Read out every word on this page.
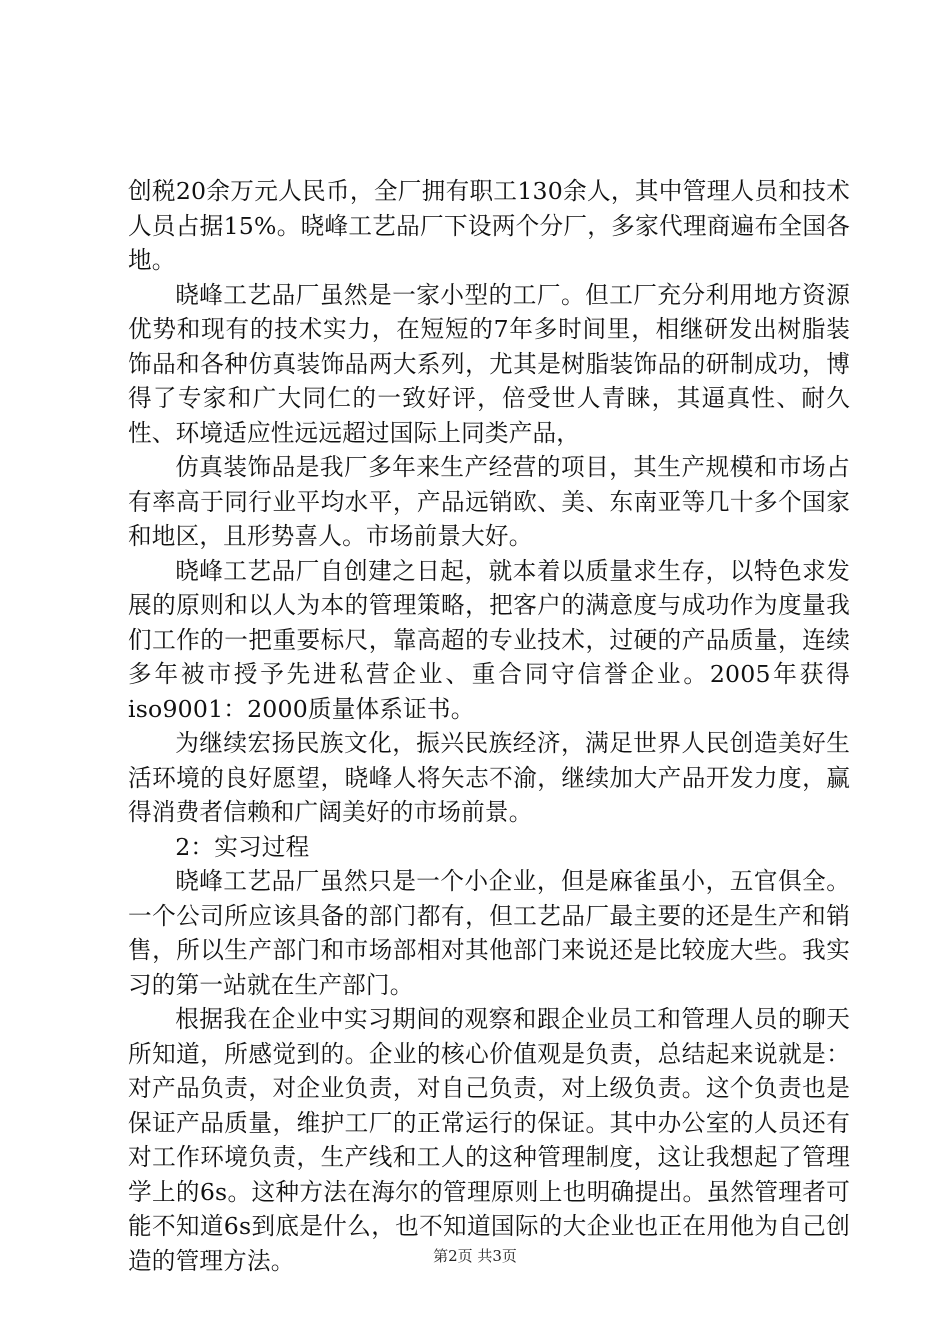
创税20余万元人民币，全厂拥有职工130余人，其中管理人员和技术人员占据15%。晓峰工艺品厂下设两个分厂，多家代理商遍布全国各地。

晓峰工艺品厂虽然是一家小型的工厂。但工厂充分利用地方资源优势和现有的技术实力，在短短的7年多时间里，相继研发出树脂装饰品和各种仿真装饰品两大系列，尤其是树脂装饰品的研制成功，博得了专家和广大同仁的一致好评，倍受世人青睐，其逼真性、耐久性、环境适应性远远超过国际上同类产品，

仿真装饰品是我厂多年来生产经营的项目，其生产规模和市场占有率高于同行业平均水平，产品远销欧、美、东南亚等几十多个国家和地区，且形势喜人。市场前景大好。

晓峰工艺品厂自创建之日起，就本着以质量求生存，以特色求发展的原则和以人为本的管理策略，把客户的满意度与成功作为度量我们工作的一把重要标尺，靠高超的专业技术，过硬的产品质量，连续多年被市授予先进私营企业、重合同守信誉企业。2005年获得iso9001：2000质量体系证书。

为继续宏扬民族文化，振兴民族经济，满足世界人民创造美好生活环境的良好愿望，晓峰人将矢志不渝，继续加大产品开发力度，赢得消费者信赖和广阔美好的市场前景。

2：实习过程

晓峰工艺品厂虽然只是一个小企业，但是麻雀虽小，五官俱全。一个公司所应该具备的部门都有，但工艺品厂最主要的还是生产和销售，所以生产部门和市场部相对其他部门来说还是比较庞大些。我实习的第一站就在生产部门。

根据我在企业中实习期间的观察和跟企业员工和管理人员的聊天所知道，所感觉到的。企业的核心价值观是负责，总结起来说就是：对产品负责，对企业负责，对自己负责，对上级负责。这个负责也是保证产品质量，维护工厂的正常运行的保证。其中办公室的人员还有对工作环境负责，生产线和工人的这种管理制度，这让我想起了管理学上的6s。这种方法在海尔的管理原则上也明确提出。虽然管理者可能不知道6s到底是什么，也不知道国际的大企业也正在用他为自己创造的管理方法。	第2页 共3页
